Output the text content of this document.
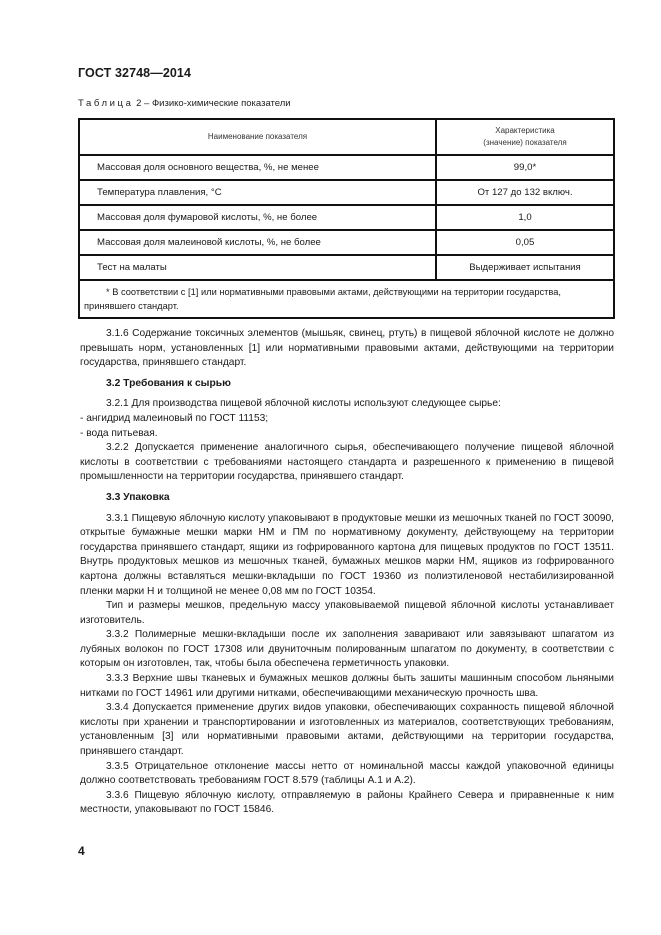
ГОСТ 32748—2014
Таблица 2 – Физико-химические показатели
Наименование показателя	Характеристика (значение) показателя
Массовая доля основного вещества, %, не менее	99,0*
Температура плавления, °С	От 127 до 132 включ.
Массовая доля фумаровой кислоты, %, не более	1,0
Массовая доля малеиновой кислоты, %, не более	0,05
Тест на малаты	Выдерживает испытания
* В соответствии с [1] или нормативными правовыми актами, действующими на территории государства, принявшего стандарт.	

3.1.6 Содержание токсичных элементов (мышьяк, свинец, ртуть) в пищевой яблочной кислоте не должно превышать норм, установленных [1] или нормативными правовыми актами, действующими на территории государства, принявшего стандарт.

3.2 Требования к сырью

3.2.1 Для производства пищевой яблочной кислоты используют следующее сырье:

- ангидрид малеиновый по ГОСТ 11153;

- вода питьевая.

3.2.2 Допускается применение аналогичного сырья, обеспечивающего получение пищевой яблочной кислоты в соответствии с требованиями настоящего стандарта и разрешенного к применению в пищевой промышленности на территории государства, принявшего стандарт.

3.3 Упаковка

3.3.1 Пищевую яблочную кислоту упаковывают в продуктовые мешки из мешочных тканей по ГОСТ 30090, открытые бумажные мешки марки НМ и ПМ по нормативному документу, действующему на территории государства принявшего стандарт, ящики из гофрированного картона для пищевых продуктов по ГОСТ 13511. Внутрь продуктовых мешков из мешочных тканей, бумажных мешков марки НМ, ящиков из гофрированного картона должны вставляться мешки-вкладыши по ГОСТ 19360 из полиэтиленовой нестабилизированной пленки марки Н и толщиной не менее 0,08 мм по ГОСТ 10354.

Тип и размеры мешков, предельную массу упаковываемой пищевой яблочной кислоты устанавливает изготовитель.

3.3.2 Полимерные мешки-вкладыши после их заполнения заваривают или завязывают шпагатом из лубяных волокон по ГОСТ 17308 или двуниточным полированным шпагатом по документу, в соответствии с которым он изготовлен, так, чтобы была обеспечена герметичность упаковки.

3.3.3 Верхние швы тканевых и бумажных мешков должны быть зашиты машинным способом льняными нитками по ГОСТ 14961 или другими нитками, обеспечивающими механическую прочность шва.

3.3.4 Допускается применение других видов упаковки, обеспечивающих сохранность пищевой яблочной кислоты при хранении и транспортировании и изготовленных из материалов, соответствующих требованиям, установленным [3] или нормативными правовыми актами, действующими на территории государства, принявшего стандарт.

3.3.5 Отрицательное отклонение массы нетто от номинальной массы каждой упаковочной единицы должно соответствовать требованиям ГОСТ 8.579 (таблицы А.1 и А.2).

3.3.6 Пищевую яблочную кислоту, отправляемую в районы Крайнего Севера и приравненные к ним местности, упаковывают по ГОСТ 15846.

4
